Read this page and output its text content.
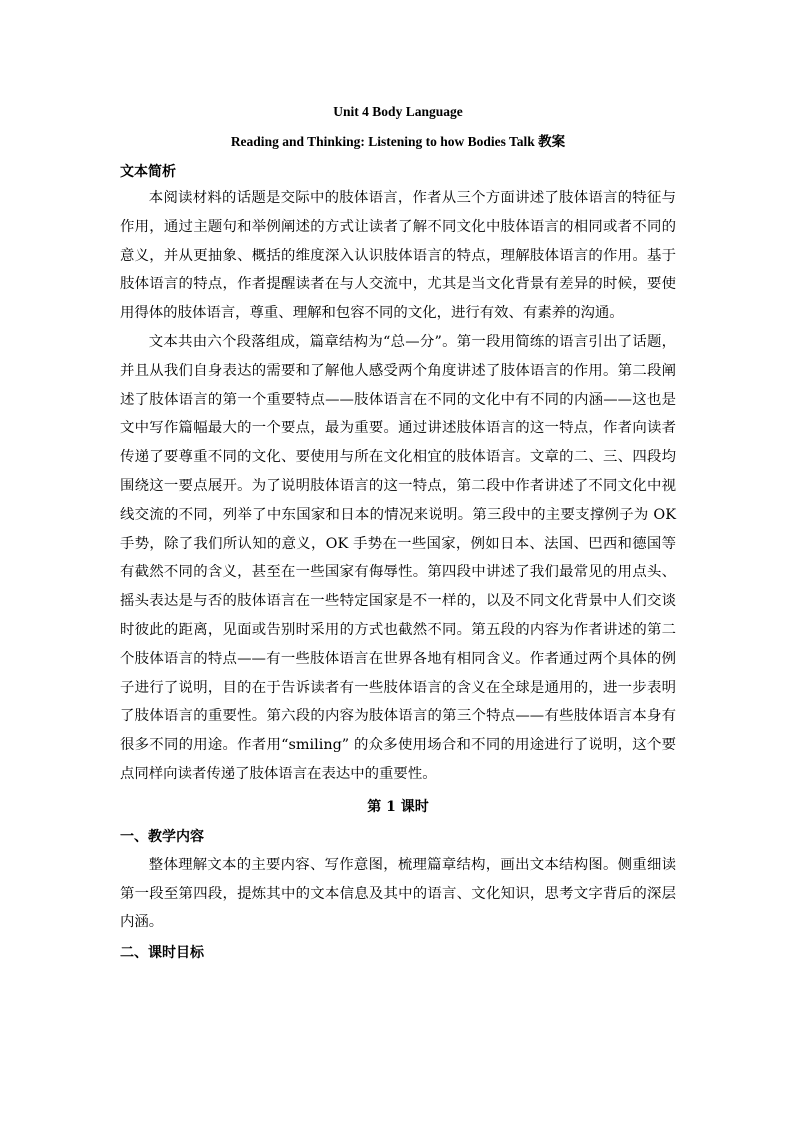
Unit 4 Body Language
Reading and Thinking: Listening to how Bodies Talk 教案
文本简析

本阅读材料的话题是交际中的肢体语言，作者从三个方面讲述了肢体语言的特征与作用，通过主题句和举例阐述的方式让读者了解不同文化中肢体语言的相同或者不同的意义，并从更抽象、概括的维度深入认识肢体语言的特点，理解肢体语言的作用。基于肢体语言的特点，作者提醒读者在与人交流中，尤其是当文化背景有差异的时候，要使用得体的肢体语言，尊重、理解和包容不同的文化，进行有效、有素养的沟通。

文本共由六个段落组成，篇章结构为“总—分”。第一段用简练的语言引出了话题，并且从我们自身表达的需要和了解他人感受两个角度讲述了肢体语言的作用。第二段阐述了肢体语言的第一个重要特点——肢体语言在不同的文化中有不同的内涵——这也是文中写作篇幅最大的一个要点，最为重要。通过讲述肢体语言的这一特点，作者向读者传递了要尊重不同的文化、要使用与所在文化相宜的肢体语言。文章的二、三、四段均围绕这一要点展开。为了说明肢体语言的这一特点，第二段中作者讲述了不同文化中视线交流的不同，列举了中东国家和日本的情况来说明。第三段中的主要支撑例子为 OK 手势，除了我们所认知的意义，OK 手势在一些国家，例如日本、法国、巴西和德国等有截然不同的含义，甚至在一些国家有侮辱性。第四段中讲述了我们最常见的用点头、摇头表达是与否的肢体语言在一些特定国家是不一样的，以及不同文化背景中人们交谈时彼此的距离，见面或告别时采用的方式也截然不同。第五段的内容为作者讲述的第二个肢体语言的特点——有一些肢体语言在世界各地有相同含义。作者通过两个具体的例子进行了说明，目的在于告诉读者有一些肢体语言的含义在全球是通用的，进一步表明了肢体语言的重要性。第六段的内容为肢体语言的第三个特点——有些肢体语言本身有很多不同的用途。作者用“smiling” 的众多使用场合和不同的用途进行了说明，这个要点同样向读者传递了肢体语言在表达中的重要性。

第 1 课时
一、教学内容

整体理解文本的主要内容、写作意图，梳理篇章结构，画出文本结构图。侧重细读第一段至第四段，提炼其中的文本信息及其中的语言、文化知识，思考文字背后的深层内涵。

二、课时目标
